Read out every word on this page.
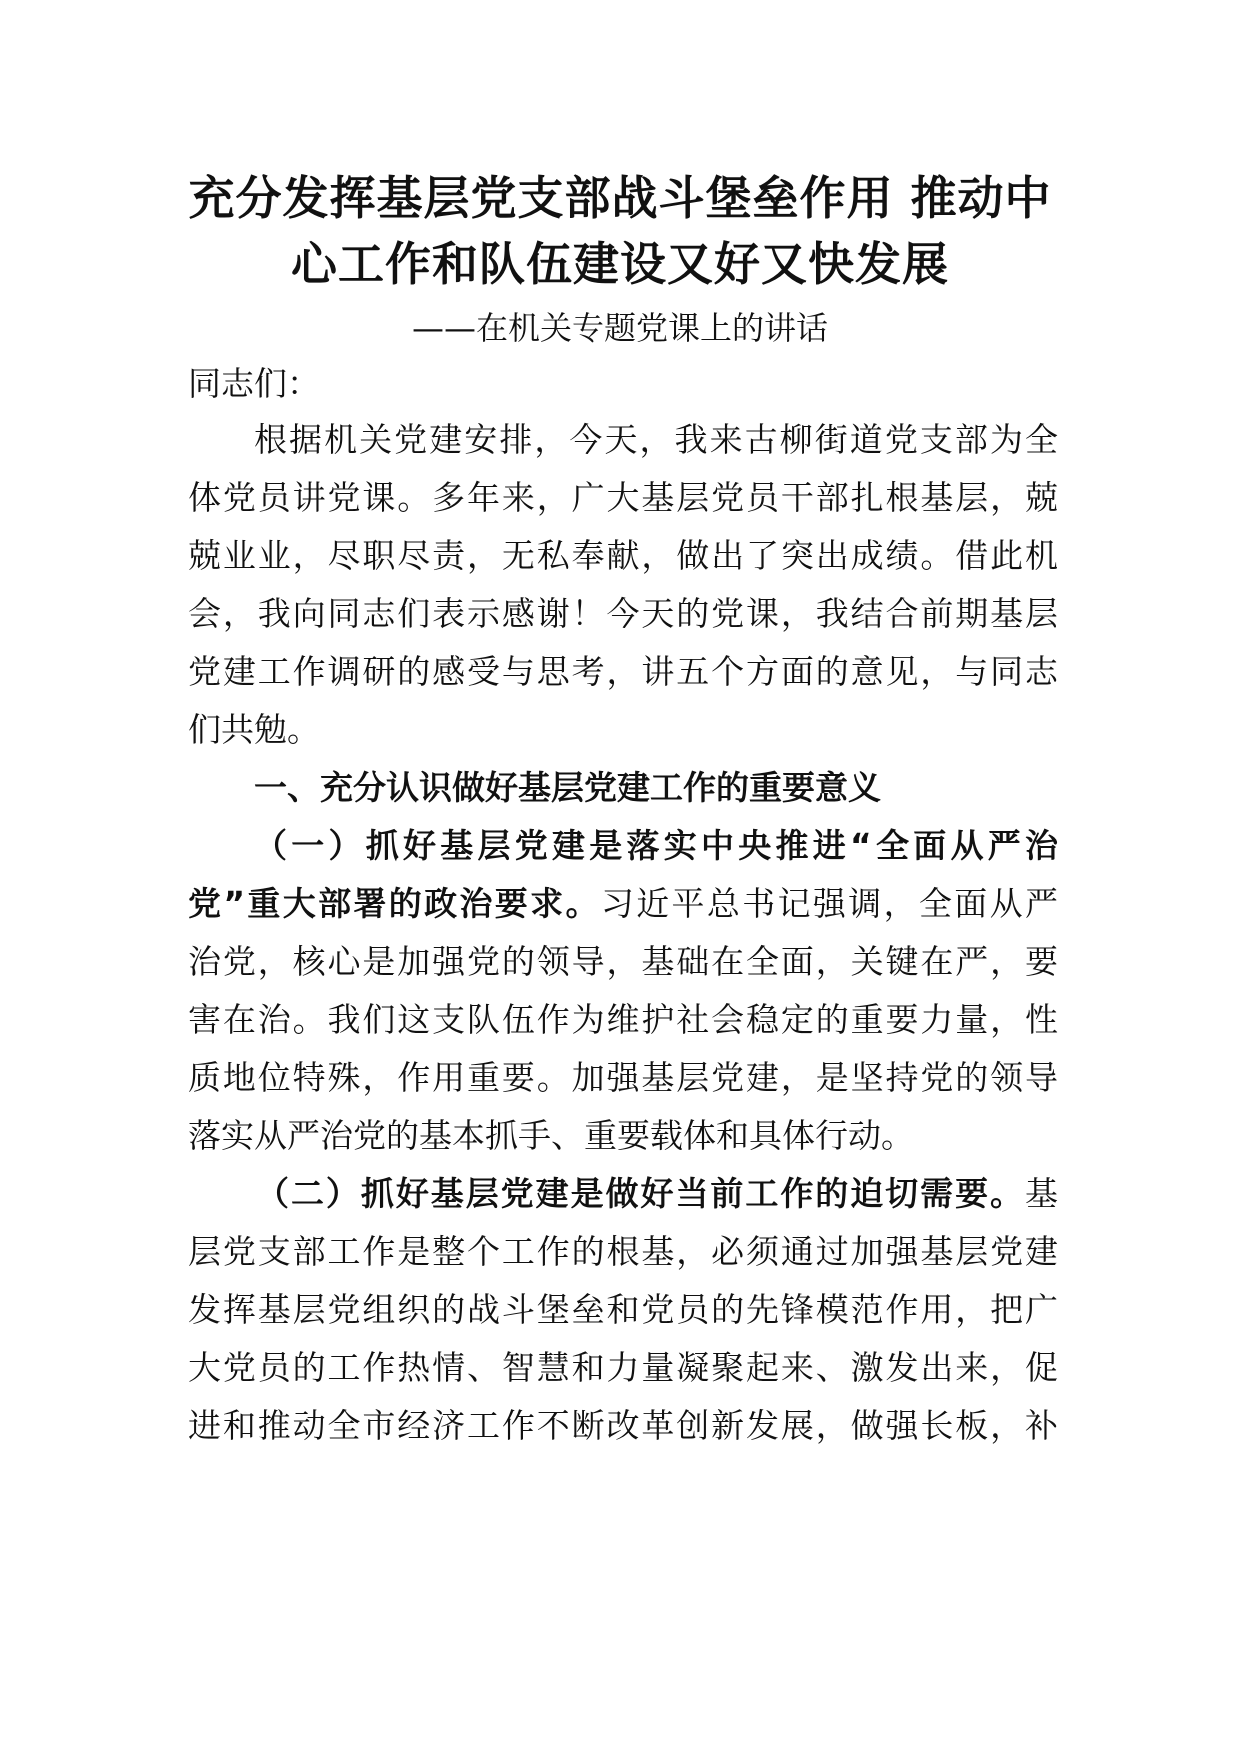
充分发挥基层党支部战斗堡垒作用 推动中
心工作和队伍建设又好又快发展
——在机关专题党课上的讲话
同志们：
根据机关党建安排，今天，我来古柳街道党支部为全
体党员讲党课。多年来，广大基层党员干部扎根基层，兢
兢业业，尽职尽责，无私奉献，做出了突出成绩。借此机
会，我向同志们表示感谢！今天的党课，我结合前期基层
党建工作调研的感受与思考，讲五个方面的意见，与同志
们共勉。
一、充分认识做好基层党建工作的重要意义
（一）抓好基层党建是落实中央推进“全面从严治
党”重大部署的政治要求。习近平总书记强调，全面从严
治党，核心是加强党的领导，基础在全面，关键在严，要
害在治。我们这支队伍作为维护社会稳定的重要力量，性
质地位特殊，作用重要。加强基层党建，是坚持党的领导
落实从严治党的基本抓手、重要载体和具体行动。
（二）抓好基层党建是做好当前工作的迫切需要。基
层党支部工作是整个工作的根基，必须通过加强基层党建
发挥基层党组织的战斗堡垒和党员的先锋模范作用，把广
大党员的工作热情、智慧和力量凝聚起来、激发出来，促
进和推动全市经济工作不断改革创新发展，做强长板，补
